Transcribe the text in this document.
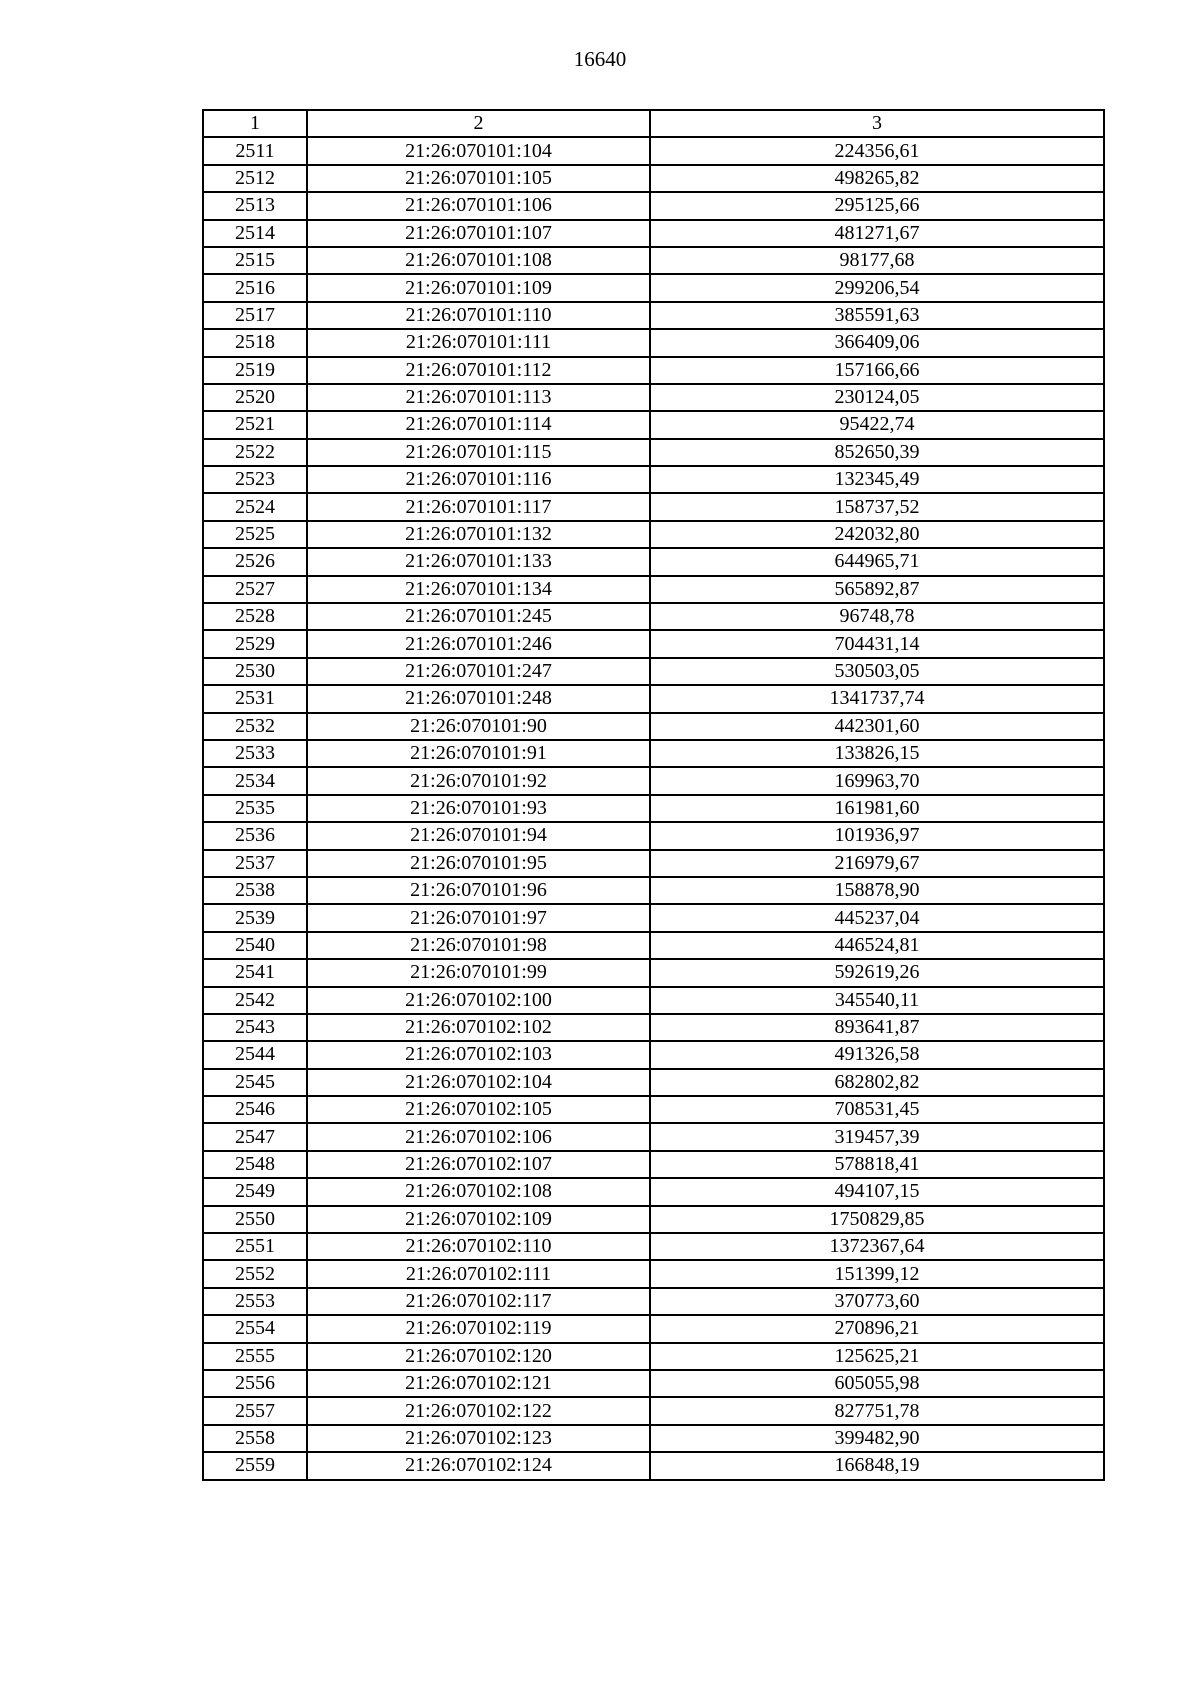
16640
1	2	3
2511	21:26:070101:104	224356,61
2512	21:26:070101:105	498265,82
2513	21:26:070101:106	295125,66
2514	21:26:070101:107	481271,67
2515	21:26:070101:108	98177,68
2516	21:26:070101:109	299206,54
2517	21:26:070101:110	385591,63
2518	21:26:070101:111	366409,06
2519	21:26:070101:112	157166,66
2520	21:26:070101:113	230124,05
2521	21:26:070101:114	95422,74
2522	21:26:070101:115	852650,39
2523	21:26:070101:116	132345,49
2524	21:26:070101:117	158737,52
2525	21:26:070101:132	242032,80
2526	21:26:070101:133	644965,71
2527	21:26:070101:134	565892,87
2528	21:26:070101:245	96748,78
2529	21:26:070101:246	704431,14
2530	21:26:070101:247	530503,05
2531	21:26:070101:248	1341737,74
2532	21:26:070101:90	442301,60
2533	21:26:070101:91	133826,15
2534	21:26:070101:92	169963,70
2535	21:26:070101:93	161981,60
2536	21:26:070101:94	101936,97
2537	21:26:070101:95	216979,67
2538	21:26:070101:96	158878,90
2539	21:26:070101:97	445237,04
2540	21:26:070101:98	446524,81
2541	21:26:070101:99	592619,26
2542	21:26:070102:100	345540,11
2543	21:26:070102:102	893641,87
2544	21:26:070102:103	491326,58
2545	21:26:070102:104	682802,82
2546	21:26:070102:105	708531,45
2547	21:26:070102:106	319457,39
2548	21:26:070102:107	578818,41
2549	21:26:070102:108	494107,15
2550	21:26:070102:109	1750829,85
2551	21:26:070102:110	1372367,64
2552	21:26:070102:111	151399,12
2553	21:26:070102:117	370773,60
2554	21:26:070102:119	270896,21
2555	21:26:070102:120	125625,21
2556	21:26:070102:121	605055,98
2557	21:26:070102:122	827751,78
2558	21:26:070102:123	399482,90
2559	21:26:070102:124	166848,19
